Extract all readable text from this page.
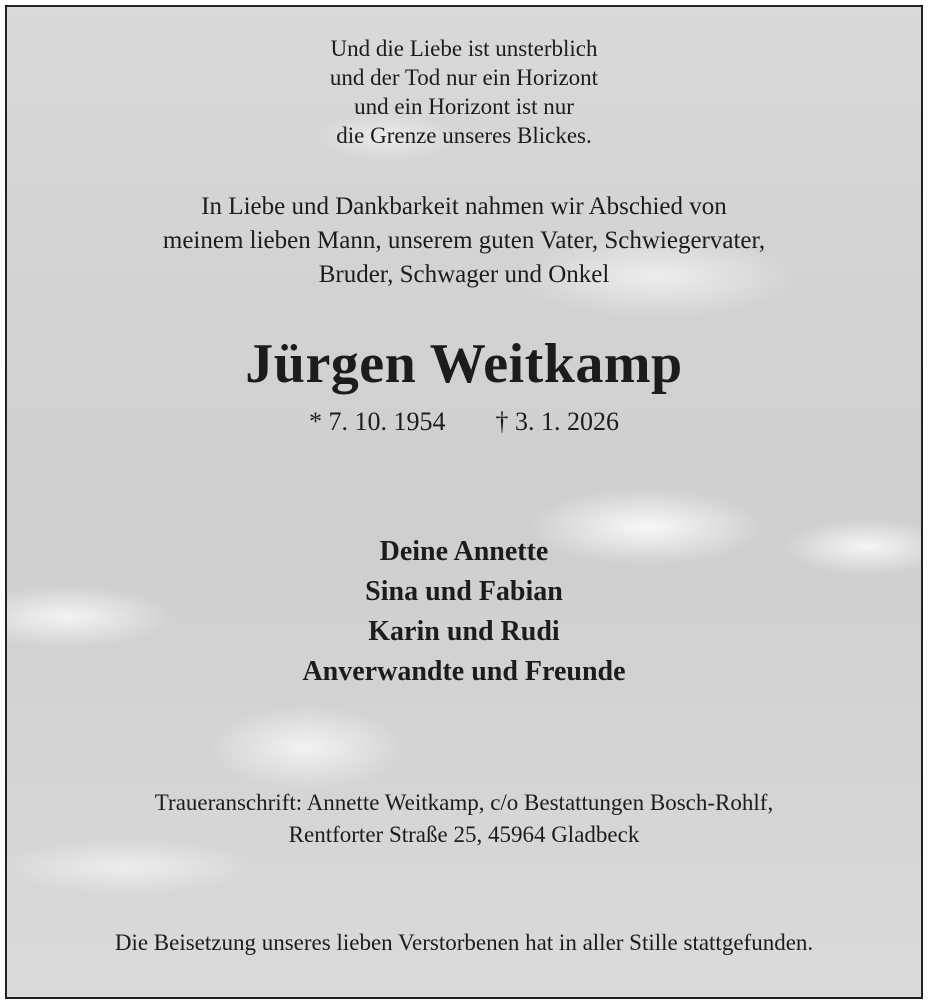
Und die Liebe ist unsterblich
und der Tod nur ein Horizont
und ein Horizont ist nur
die Grenze unseres Blickes.
In Liebe und Dankbarkeit nahmen wir Abschied von
meinem lieben Mann, unserem guten Vater, Schwiegervater,
Bruder, Schwager und Onkel
Jürgen Weitkamp
* 7. 10. 1954 † 3. 1. 2026
Deine Annette
Sina und Fabian
Karin und Rudi
Anverwandte und Freunde
Traueranschrift: Annette Weitkamp, c/o Bestattungen Bosch-Rohlf,
Rentforter Straße 25, 45964 Gladbeck
Die Beisetzung unseres lieben Verstorbenen hat in aller Stille stattgefunden.
